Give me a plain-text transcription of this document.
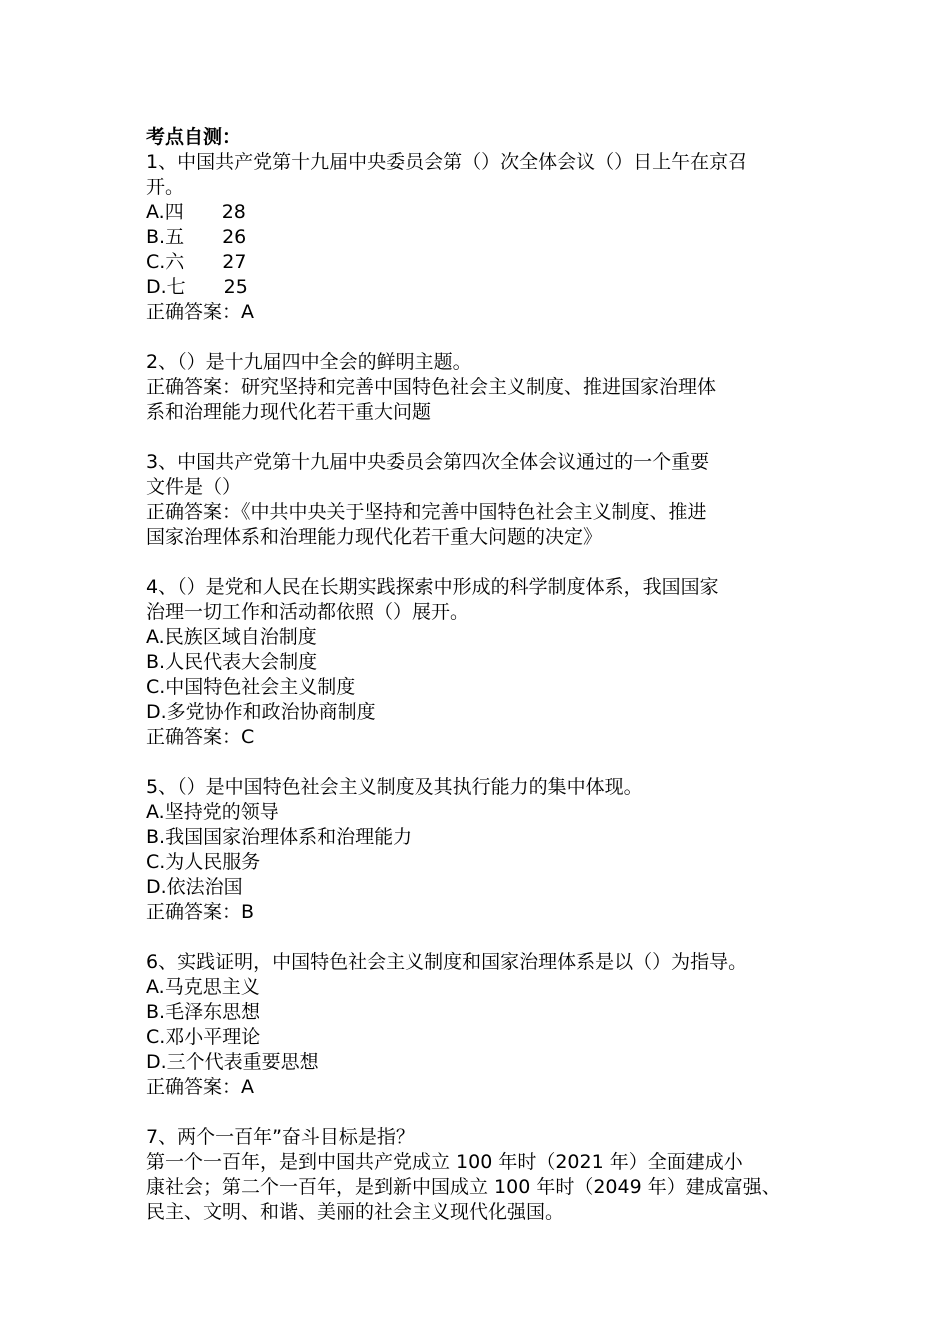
考点自测：
1、中国共产党第十九届中央委员会第（）次全体会议（）日上午在京召
开。
A.四　　28
B.五　　26
C.六　　27
D.七　　25
正确答案：A
2、（）是十九届四中全会的鲜明主题。
正确答案：研究坚持和完善中国特色社会主义制度、推进国家治理体
系和治理能力现代化若干重大问题
3、中国共产党第十九届中央委员会第四次全体会议通过的一个重要
文件是（）
正确答案：《中共中央关于坚持和完善中国特色社会主义制度、推进
国家治理体系和治理能力现代化若干重大问题的决定》
4、（）是党和人民在长期实践探索中形成的科学制度体系，我国国家
治理一切工作和活动都依照（）展开。
A.民族区域自治制度
B.人民代表大会制度
C.中国特色社会主义制度
D.多党协作和政治协商制度
正确答案：C
5、（）是中国特色社会主义制度及其执行能力的集中体现。
A.坚持党的领导
B.我国国家治理体系和治理能力
C.为人民服务
D.依法治国
正确答案：B
6、实践证明，中国特色社会主义制度和国家治理体系是以（）为指导。
A.马克思主义
B.毛泽东思想
C.邓小平理论
D.三个代表重要思想
正确答案：A
7、两个一百年”奋斗目标是指？
第一个一百年，是到中国共产党成立 100 年时（2021 年）全面建成小
康社会；第二个一百年，是到新中国成立 100 年时（2049 年）建成富强、
民主、文明、和谐、美丽的社会主义现代化强国。
